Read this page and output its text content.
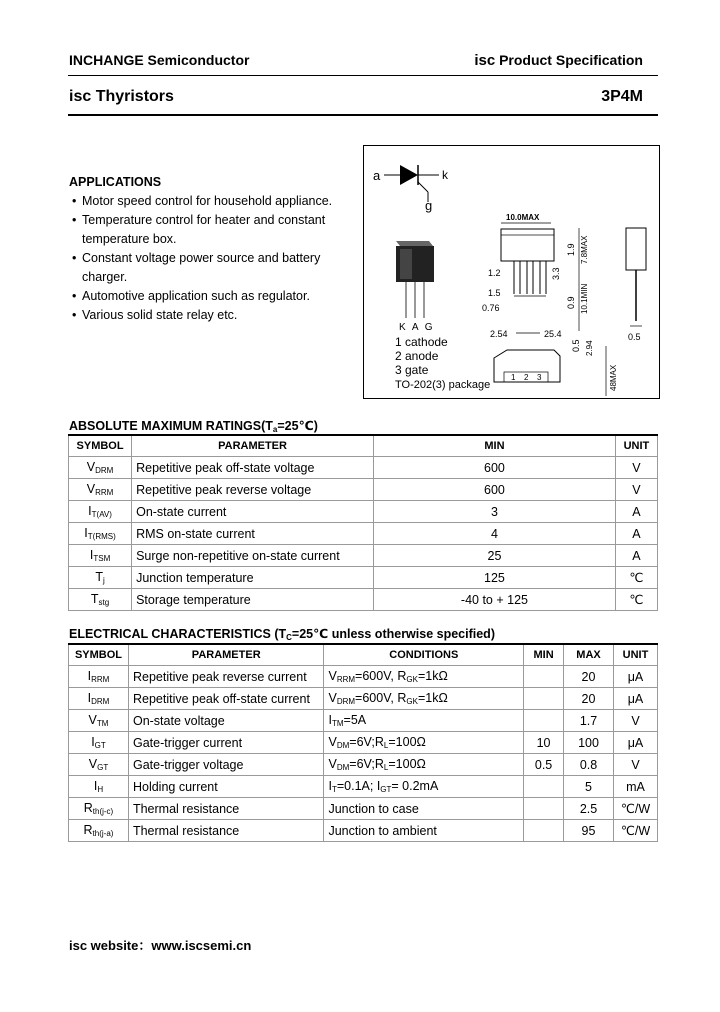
INCHANGE Semiconductor	isc Product Specification
isc Thyristors	3P4M
APPLICATIONS
• Motor speed control for household appliance.
• Temperature control for heater and constant temperature box.
• Constant voltage power source and battery charger.
• Automotive application such as regulator.
• Various solid state relay etc.
a	k
g
K A G
1 cathode
2 anode
3 gate
TO-202(3) package
10.0MAX
1.2
1.5
0.76
2.54	25.4
1.9 7.8MAX
3.3
0.9 10.1MIN
0.5
0.5 2.94
1 2 3	48MAX
ABSOLUTE MAXIMUM $RATINGS(T_a=25℃)$
SYMBOL	PARAMETER	MIN	UNIT
$V_{DRM}$	Repetitive peak off-state voltage	600	V
$V_{RRM}$	Repetitive peak reverse voltage	600	V
$I_{T(AV)}$	On-state current	3	A
$I_{T(RMS)}$	RMS on-state current	4	A
$I_{TSM}$	Surge non-repetitive on-state current	25	A
$T_j$	Junction temperature	125	℃
$T_{stg}$	Storage temperature	-40 to + 125	℃
ELECTRICAL CHARACTERISTICS ($T_C=25℃$ unless otherwise specified)
SYMBOL	PARAMETER	CONDITIONS	MIN	MAX	UNIT
$I_{RRM}$	Repetitive peak reverse current	$V_{RRM}=600V$, $R_{GK}=1k\Omega$		20	μA
$I_{DRM}$	Repetitive peak off-state current	$V_{DRM}=600V$, $R_{GK}=1k\Omega$		20	μA
$V_{TM}$	On-state voltage	$I_{TM}=5A$		1.7	V
$I_{GT}$	Gate-trigger current	$V_{DM}=6V;R_L=100\Omega$	10	100	μA
$V_{GT}$	Gate-trigger voltage	$V_{DM}=6V;R_L=100\Omega$	0.5	0.8	V
$I_H$	Holding current	$I_T=0.1A$; $I_{GT}= 0.2mA$		5	mA
$R_{th(j-c)}$	Thermal resistance	Junction to case		2.5	℃/W
$R_{th(j-a)}$	Thermal resistance	Junction to ambient		95	℃/W
isc website：www.iscsemi.cn
